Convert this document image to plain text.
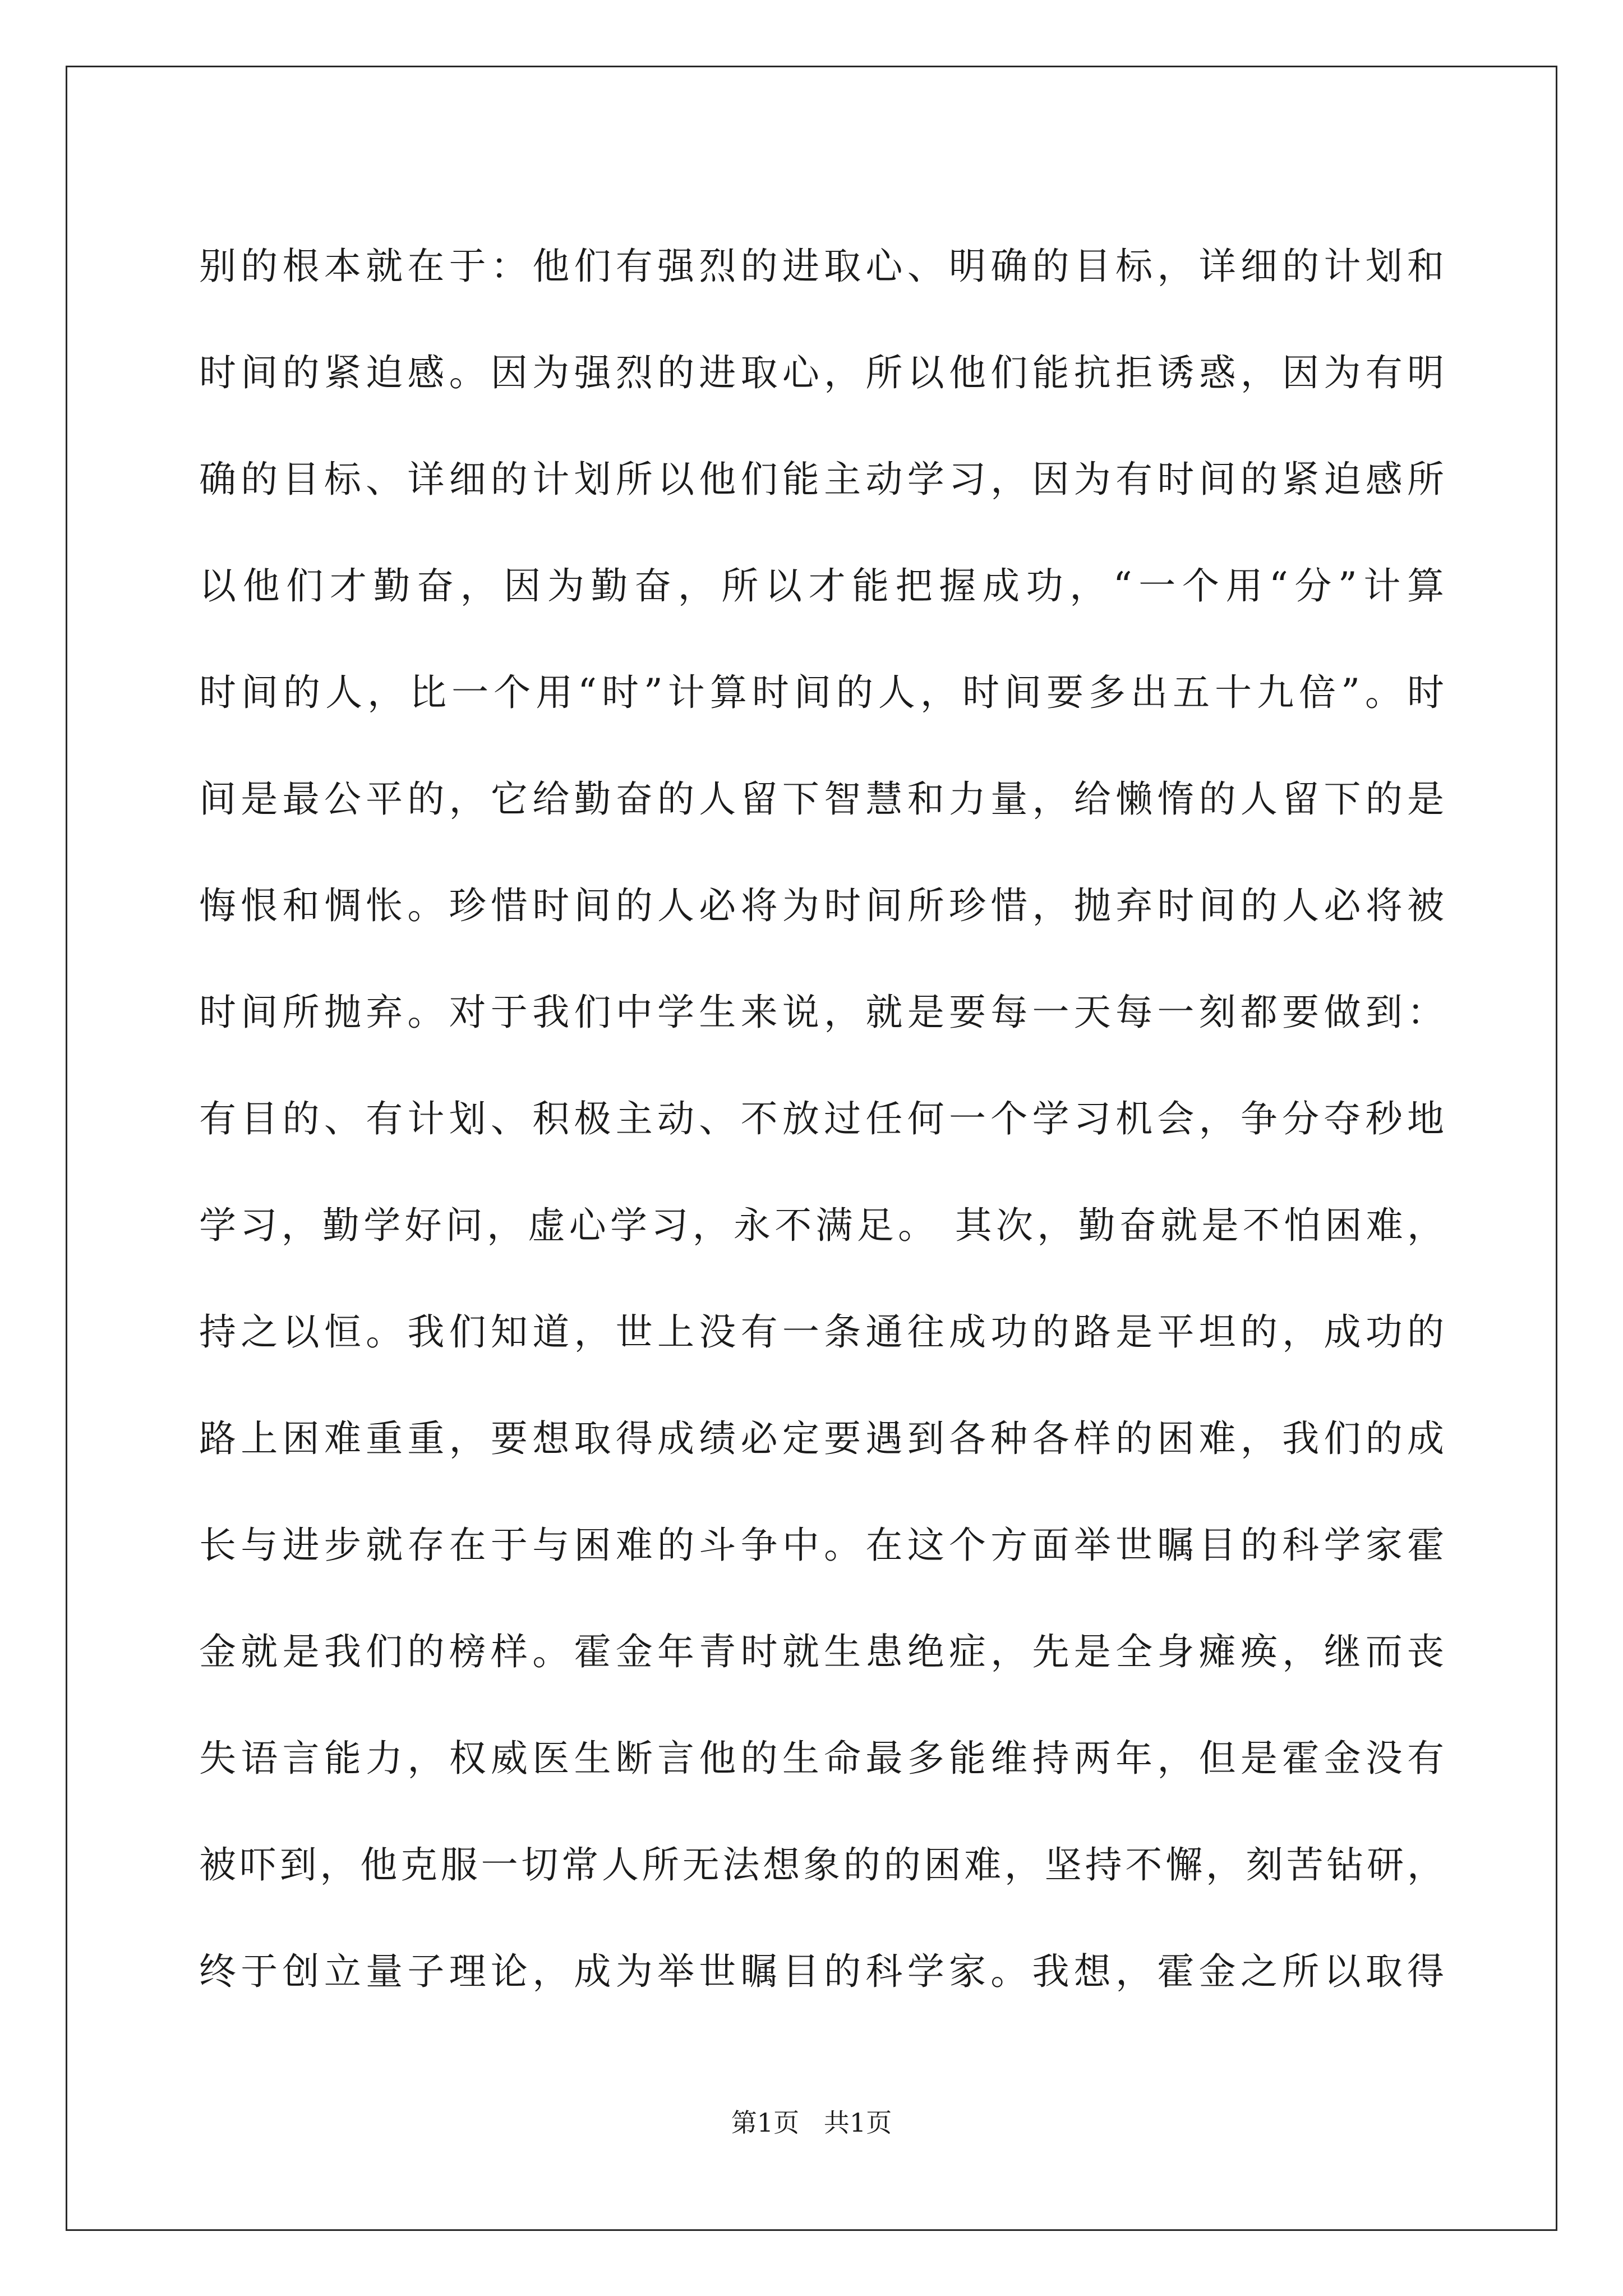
别的根本就在于：他们有强烈的进取心、明确的目标，详细的计划和
时间的紧迫感。因为强烈的进取心，所以他们能抗拒诱惑，因为有明
确的目标、详细的计划所以他们能主动学习，因为有时间的紧迫感所
以他们才勤奋，因为勤奋，所以才能把握成功，“一个用“分”计算
时间的人，比一个用“时”计算时间的人，时间要多出五十九倍”。时
间是最公平的，它给勤奋的人留下智慧和力量，给懒惰的人留下的是
悔恨和惆怅。珍惜时间的人必将为时间所珍惜，抛弃时间的人必将被
时间所抛弃。对于我们中学生来说，就是要每一天每一刻都要做到：
有目的、有计划、积极主动、不放过任何一个学习机会，争分夺秒地
学习，勤学好问，虚心学习，永不满足。 其次，勤奋就是不怕困难，
持之以恒。我们知道，世上没有一条通往成功的路是平坦的，成功的
路上困难重重，要想取得成绩必定要遇到各种各样的困难，我们的成
长与进步就存在于与困难的斗争中。在这个方面举世瞩目的科学家霍
金就是我们的榜样。霍金年青时就生患绝症，先是全身瘫痪，继而丧
失语言能力，权威医生断言他的生命最多能维持两年，但是霍金没有
被吓到，他克服一切常人所无法想象的的困难，坚持不懈，刻苦钻研，
终于创立量子理论，成为举世瞩目的科学家。我想，霍金之所以取得
第1页   共1页
